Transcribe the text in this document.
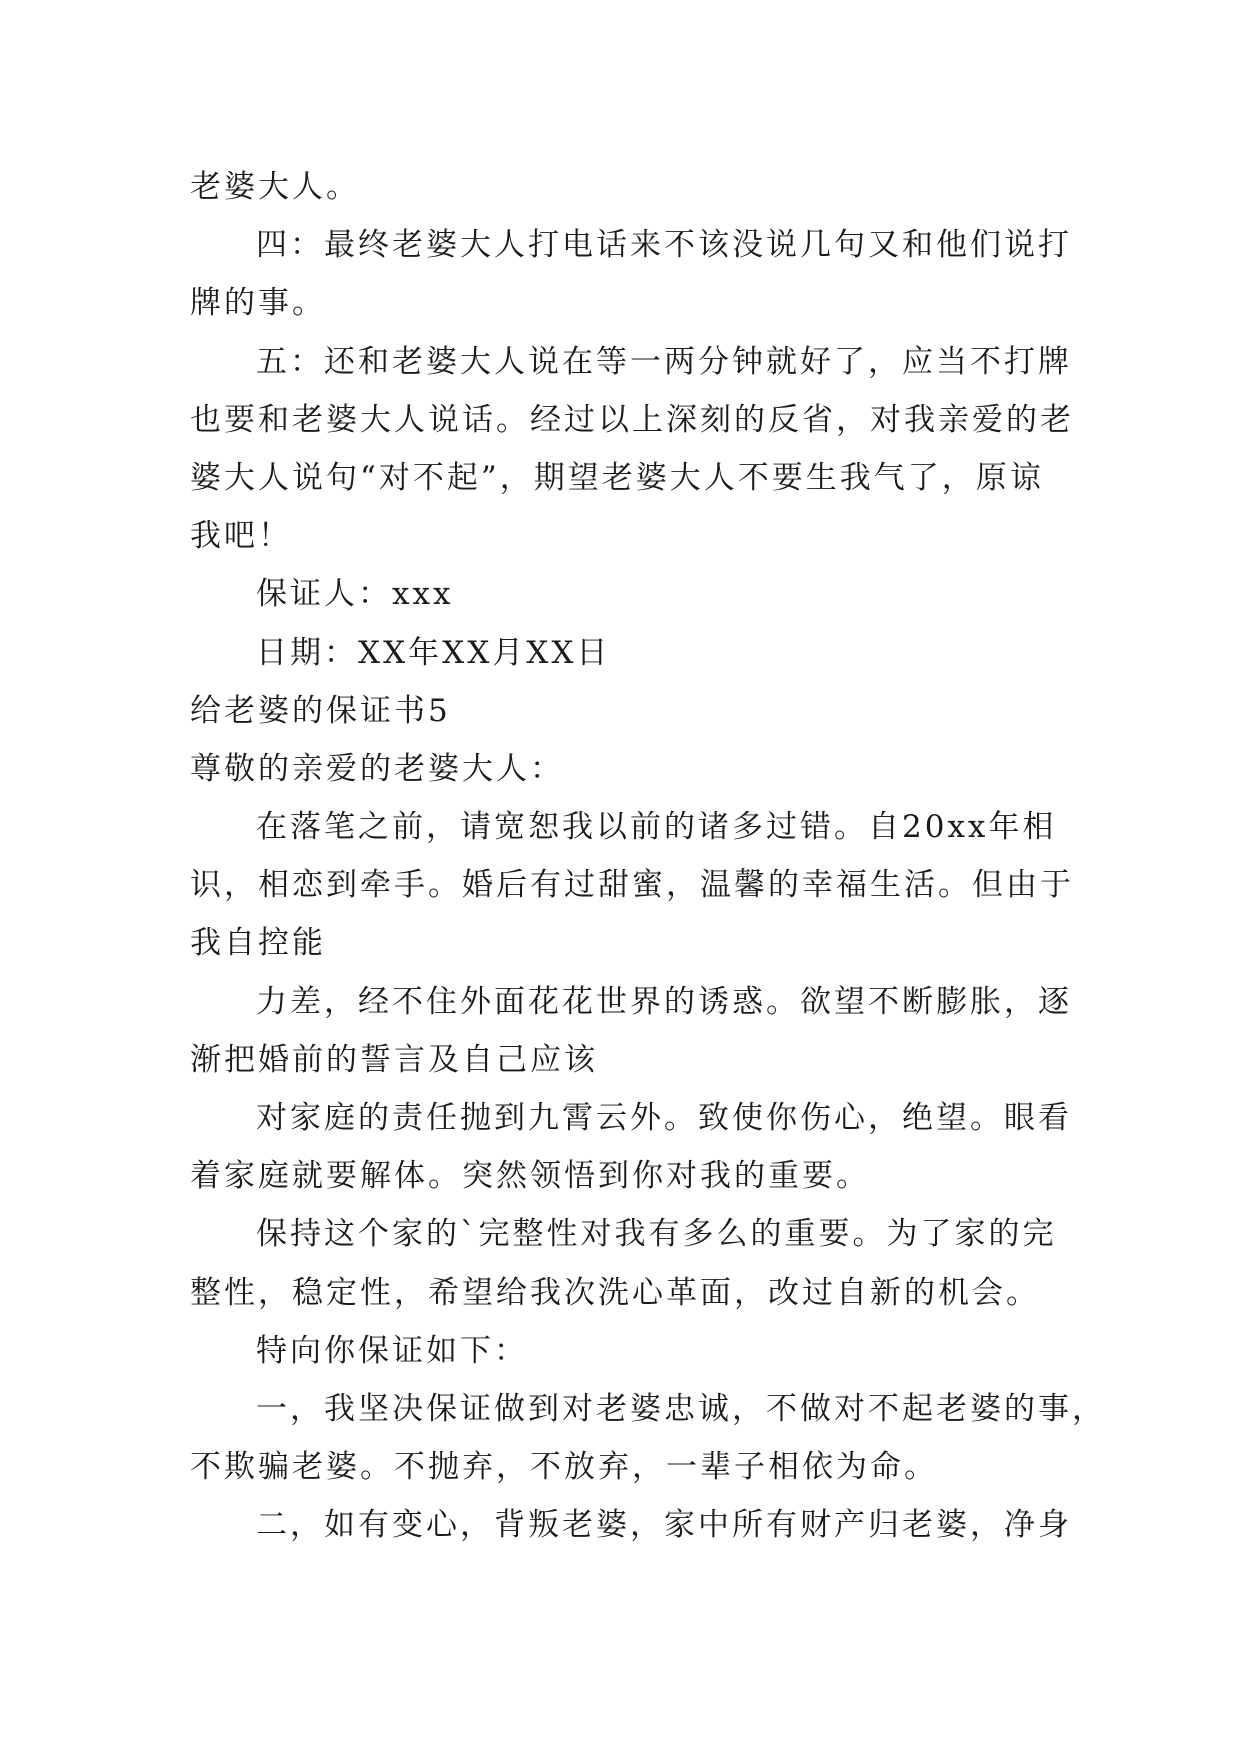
老婆大人。
四：最终老婆大人打电话来不该没说几句又和他们说打
牌的事。
五：还和老婆大人说在等一两分钟就好了，应当不打牌
也要和老婆大人说话。经过以上深刻的反省，对我亲爱的老
婆大人说句“对不起”，期望老婆大人不要生我气了，原谅
我吧！
保证人：xxx
日期：XX年XX月XX日
给老婆的保证书5
尊敬的亲爱的老婆大人：
在落笔之前，请宽恕我以前的诸多过错。自20xx年相
识，相恋到牵手。婚后有过甜蜜，温馨的幸福生活。但由于
我自控能
力差，经不住外面花花世界的诱惑。欲望不断膨胀，逐
渐把婚前的誓言及自己应该
对家庭的责任抛到九霄云外。致使你伤心，绝望。眼看
着家庭就要解体。突然领悟到你对我的重要。
保持这个家的`完整性对我有多么的重要。为了家的完
整性，稳定性，希望给我次洗心革面，改过自新的机会。
特向你保证如下：
一，我坚决保证做到对老婆忠诚，不做对不起老婆的事，
不欺骗老婆。不抛弃，不放弃，一辈子相依为命。
二，如有变心，背叛老婆，家中所有财产归老婆，净身
